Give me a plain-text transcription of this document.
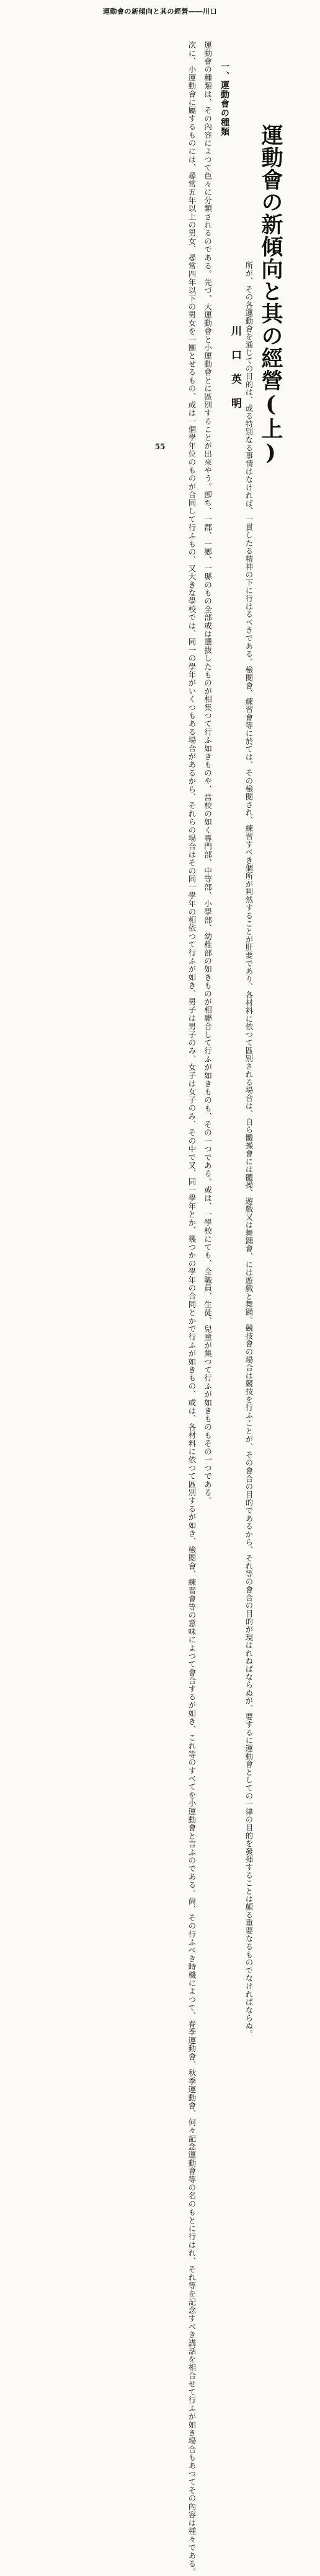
運動會の新傾向と其の經營――川口
運動會の新傾向と其の經營(上)
川口英明
一、運動會の種類
運動會の種類は、その內容によつて色々に分類されるのである。先づ、大運動會と小運動會とに區別することが出來やう。卽ち、一郡、一鄕、一縣のもの全部或は選拔したものが相集つて行ふ如きものや、當校の如く專門部、中等部、小學部、幼稚部の如きものが相聯合して行ふが如きものも、その一つである。或は、一學校にても、全職員、生徒、兒童が集つて行ふが如きものもその一つである。
次に、小運動會に屬するものには、尋常五年以上の男女、尋常四年以下の男女を一團とせるもの、或は一個學年位のものが合同して行ふもの、又大きな學校では、同一の學年がいくつもある場合があるから、それらの場合はその同一學年の相依つて行ふが如き、男子は男子のみ、女子は女子のみ、その中で又、同一學年とか、幾つかの學年の合同とかで行ふが如きもの、或は、各材料に依つて區別するが如き、檢閱會、練習會等の意味によつて會合するが如き、これ等のすべてを小運動會と言ふのである。尙、その行ふべき時機によつて、春季運動會、秋季運動會、何々記念運動會等の名のもとに行はれ、それ等を記念すべき講話を相合せて行ふが如き場合もあつてその內容は種々である。	所が、その各運動會を通じての目的は、或る特別なる事情はなければ、一貫したる精神の下に行はるべきである。檢閱會、練習會等に於ては、その檢閱され、練習すべき個所が判然することが肝要であり、各材料に依つて區別される場合は、自ら體操會には體操、遊戲又は舞踊會、には遊戲と舞踊。競技會の場合は競技を行ふことが、その會合の目的であるから、それ等の會合の目的が現はれねばならぬが、要するに運動會としての一律の目的を發揮することは頗る重要なるものでなければならぬ。
55
